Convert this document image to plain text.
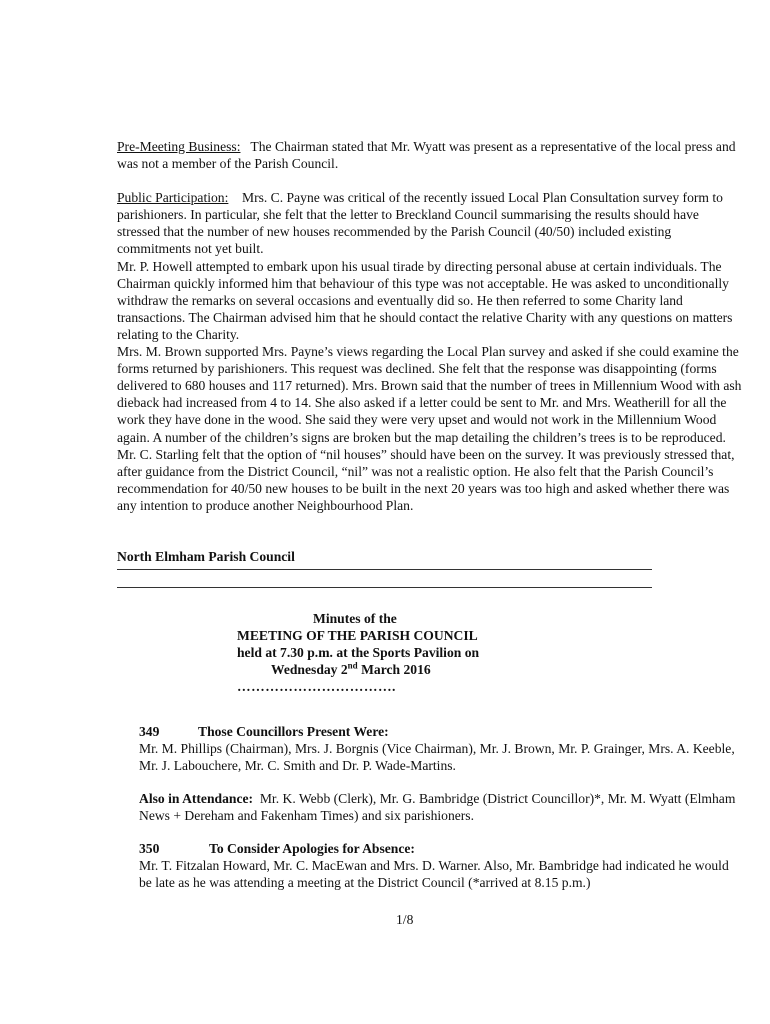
Pre-Meeting Business: The Chairman stated that Mr. Wyatt was present as a representative of the local press and was not a member of the Parish Council.

Public Participation: Mrs. C. Payne was critical of the recently issued Local Plan Consultation survey form to parishioners. In particular, she felt that the letter to Breckland Council summarising the results should have stressed that the number of new houses recommended by the Parish Council (40/50) included existing commitments not yet built.

Mr. P. Howell attempted to embark upon his usual tirade by directing personal abuse at certain individuals. The Chairman quickly informed him that behaviour of this type was not acceptable. He was asked to unconditionally withdraw the remarks on several occasions and eventually did so. He then referred to some Charity land transactions. The Chairman advised him that he should contact the relative Charity with any questions on matters relating to the Charity.

Mrs. M. Brown supported Mrs. Payne’s views regarding the Local Plan survey and asked if she could examine the forms returned by parishioners. This request was declined. She felt that the response was disappointing (forms delivered to 680 houses and 117 returned). Mrs. Brown said that the number of trees in Millennium Wood with ash dieback had increased from 4 to 14. She also asked if a letter could be sent to Mr. and Mrs. Weatherill for all the work they have done in the wood. She said they were very upset and would not work in the Millennium Wood again. A number of the children’s signs are broken but the map detailing the children’s trees is to be reproduced.

Mr. C. Starling felt that the option of “nil houses” should have been on the survey. It was previously stressed that, after guidance from the District Council, “nil” was not a realistic option. He also felt that the Parish Council’s recommendation for 40/50 new houses to be built in the next 20 years was too high and asked whether there was any intention to produce another Neighbourhood Plan.

North Elmham Parish Council

Minutes of the
MEETING OF THE PARISH COUNCIL
held at 7.30 p.m. at the Sports Pavilion on
Wednesday 2nd March 2016
…………………………….

349	Those Councillors Present Were:

Mr. M. Phillips (Chairman), Mrs. J. Borgnis (Vice Chairman), Mr. J. Brown, Mr. P. Grainger, Mrs. A. Keeble, Mr. J. Labouchere, Mr. C. Smith and Dr. P. Wade-Martins.

Also in Attendance: Mr. K. Webb (Clerk), Mr. G. Bambridge (District Councillor)*, Mr. M. Wyatt (Elmham News + Dereham and Fakenham Times) and six parishioners.

350	To Consider Apologies for Absence:

Mr. T. Fitzalan Howard, Mr. C. MacEwan and Mrs. D. Warner. Also, Mr. Bambridge had indicated he would be late as he was attending a meeting at the District Council (*arrived at 8.15 p.m.)

1/8
